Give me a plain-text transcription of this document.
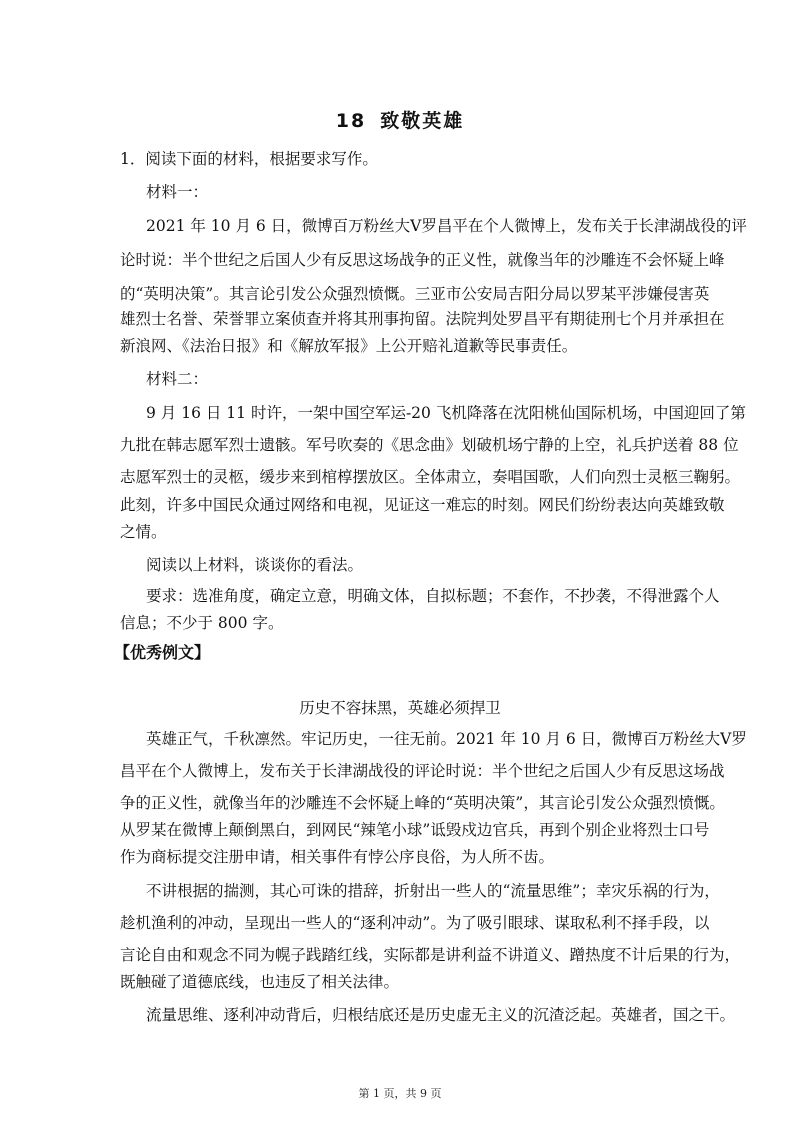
18 致敬英雄
1．阅读下面的材料，根据要求写作。
材料一：
2021 年 10 月 6 日，微博百万粉丝大Ⅴ罗昌平在个人微博上，发布关于长津湖战役的评
论时说：半个世纪之后国人少有反思这场战争的正义性，就像当年的沙雕连不会怀疑上峰
的“英明决策”。其言论引发公众强烈愤慨。三亚市公安局吉阳分局以罗某平涉嫌侵害英
雄烈士名誉、荣誉罪立案侦查并将其刑事拘留。法院判处罗昌平有期徒刑七个月并承担在
新浪网、《法治日报》和《解放军报》上公开赔礼道歉等民事责任。
材料二：
9 月 16 日 11 时许，一架中国空军运-20 飞机降落在沈阳桃仙国际机场，中国迎回了第
九批在韩志愿军烈士遗骸。军号吹奏的《思念曲》划破机场宁静的上空，礼兵护送着 88 位
志愿军烈士的灵柩，缓步来到棺椁摆放区。全体肃立，奏唱国歌，人们向烈士灵柩三鞠躬。
此刻，许多中国民众通过网络和电视，见证这一难忘的时刻。网民们纷纷表达向英雄致敬
之情。
阅读以上材料，谈谈你的看法。
要求：选准角度，确定立意，明确文体，自拟标题；不套作，不抄袭，不得泄露个人
信息；不少于 800 字。
【优秀例文】
历史不容抹黑，英雄必须捍卫
英雄正气，千秋凛然。牢记历史，一往无前。2021 年 10 月 6 日，微博百万粉丝大Ⅴ罗
昌平在个人微博上，发布关于长津湖战役的评论时说：半个世纪之后国人少有反思这场战
争的正义性，就像当年的沙雕连不会怀疑上峰的“英明决策”，其言论引发公众强烈愤慨。
从罗某在微博上颠倒黑白，到网民“辣笔小球”诋毁戍边官兵，再到个别企业将烈士口号
作为商标提交注册申请，相关事件有悖公序良俗，为人所不齿。
不讲根据的揣测，其心可诛的措辞，折射出一些人的“流量思维”；幸灾乐祸的行为，
趁机渔利的冲动，呈现出一些人的“逐利冲动”。为了吸引眼球、谋取私利不择手段，以
言论自由和观念不同为幌子践踏红线，实际都是讲利益不讲道义、蹭热度不计后果的行为，
既触碰了道德底线，也违反了相关法律。
流量思维、逐利冲动背后，归根结底还是历史虚无主义的沉渣泛起。英雄者，国之干。
第 1 页，共 9 页
